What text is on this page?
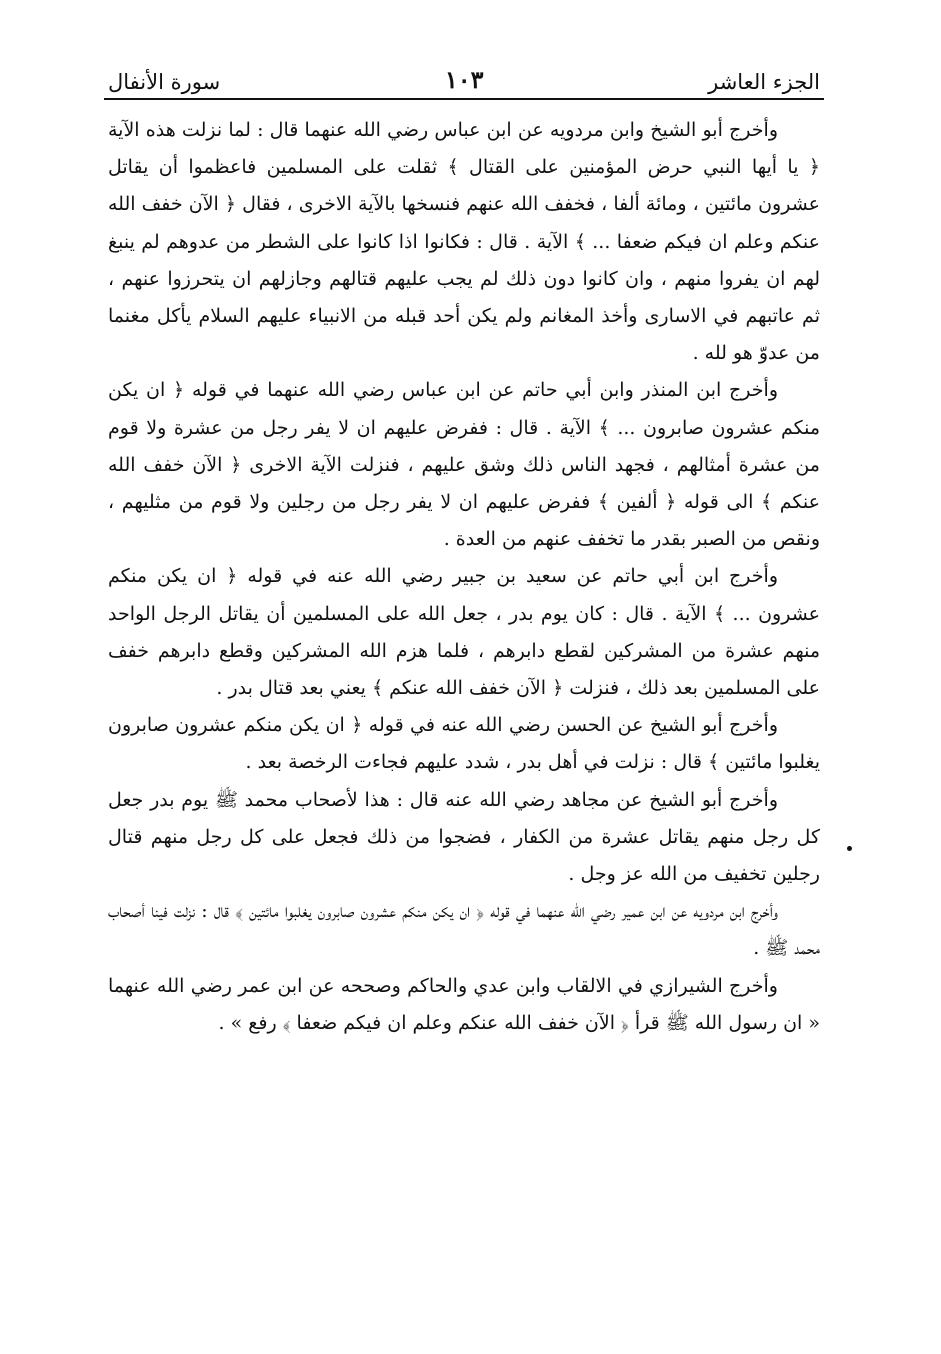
الجزء العاشر
١٠٣
سورة الأنفال

وأخرج أبو الشيخ وابن مردويه عن ابن عباس رضي الله عنهما قال : لما نزلت هذه الآية ﴿ يا أيها النبي حرض المؤمنين على القتال ﴾ ثقلت على المسلمين فاعظموا أن يقاتل عشرون مائتين ، ومائة ألفا ، فخفف الله عنهم فنسخها بالآية الاخرى ، فقال ﴿ الآن خفف الله عنكم وعلم ان فيكم ضعفا ... ﴾ الآية . قال : فكانوا اذا كانوا على الشطر من عدوهم لم ينبغ لهم ان يفروا منهم ، وان كانوا دون ذلك لم يجب عليهم قتالهم وجازلهم ان يتحرزوا عنهم ، ثم عاتبهم في الاسارى وأخذ المغانم ولم يكن أحد قبله من الانبياء عليهم السلام يأكل مغنما من عدوّ هو لله .

وأخرج ابن المنذر وابن أبي حاتم عن ابن عباس رضي الله عنهما في قوله ﴿ ان يكن منكم عشرون صابرون ... ﴾ الآية . قال : ففرض عليهم ان لا يفر رجل من عشرة ولا قوم من عشرة أمثالهم ، فجهد الناس ذلك وشق عليهم ، فنزلت الآية الاخرى ﴿ الآن خفف الله عنكم ﴾ الى قوله ﴿ ألفين ﴾ ففرض عليهم ان لا يفر رجل من رجلين ولا قوم من مثليهم ، ونقص من الصبر بقدر ما تخفف عنهم من العدة .

وأخرج ابن أبي حاتم عن سعيد بن جبير رضي الله عنه في قوله ﴿ ان يكن منكم عشرون ... ﴾ الآية . قال : كان يوم بدر ، جعل الله على المسلمين أن يقاتل الرجل الواحد منهم عشرة من المشركين لقطع دابرهم ، فلما هزم الله المشركين وقطع دابرهم خفف على المسلمين بعد ذلك ، فنزلت ﴿ الآن خفف الله عنكم ﴾ يعني بعد قتال بدر .

وأخرج أبو الشيخ عن الحسن رضي الله عنه في قوله ﴿ ان يكن منكم عشرون صابرون يغلبوا مائتين ﴾ قال : نزلت في أهل بدر ، شدد عليهم فجاءت الرخصة بعد .

وأخرج أبو الشيخ عن مجاهد رضي الله عنه قال : هذا لأصحاب محمد ﷺ يوم بدر جعل كل رجل منهم يقاتل عشرة من الكفار ، فضجوا من ذلك فجعل على كل رجل منهم قتال رجلين تخفيف من الله عز وجل .

وأخرج ابن مردويه عن ابن عمير رضي الله عنهما في قوله ﴿ ان يكن منكم عشرون صابرون يغلبوا مائتين ﴾ قال : نزلت فينا أصحاب محمد ﷺ .

وأخرج الشيرازي في الالقاب وابن عدي والحاكم وصححه عن ابن عمر رضي الله عنهما « ان رسول الله ﷺ قرأ ﴿ الآن خفف الله عنكم وعلم ان فيكم ضعفا ﴾ رفع » .
